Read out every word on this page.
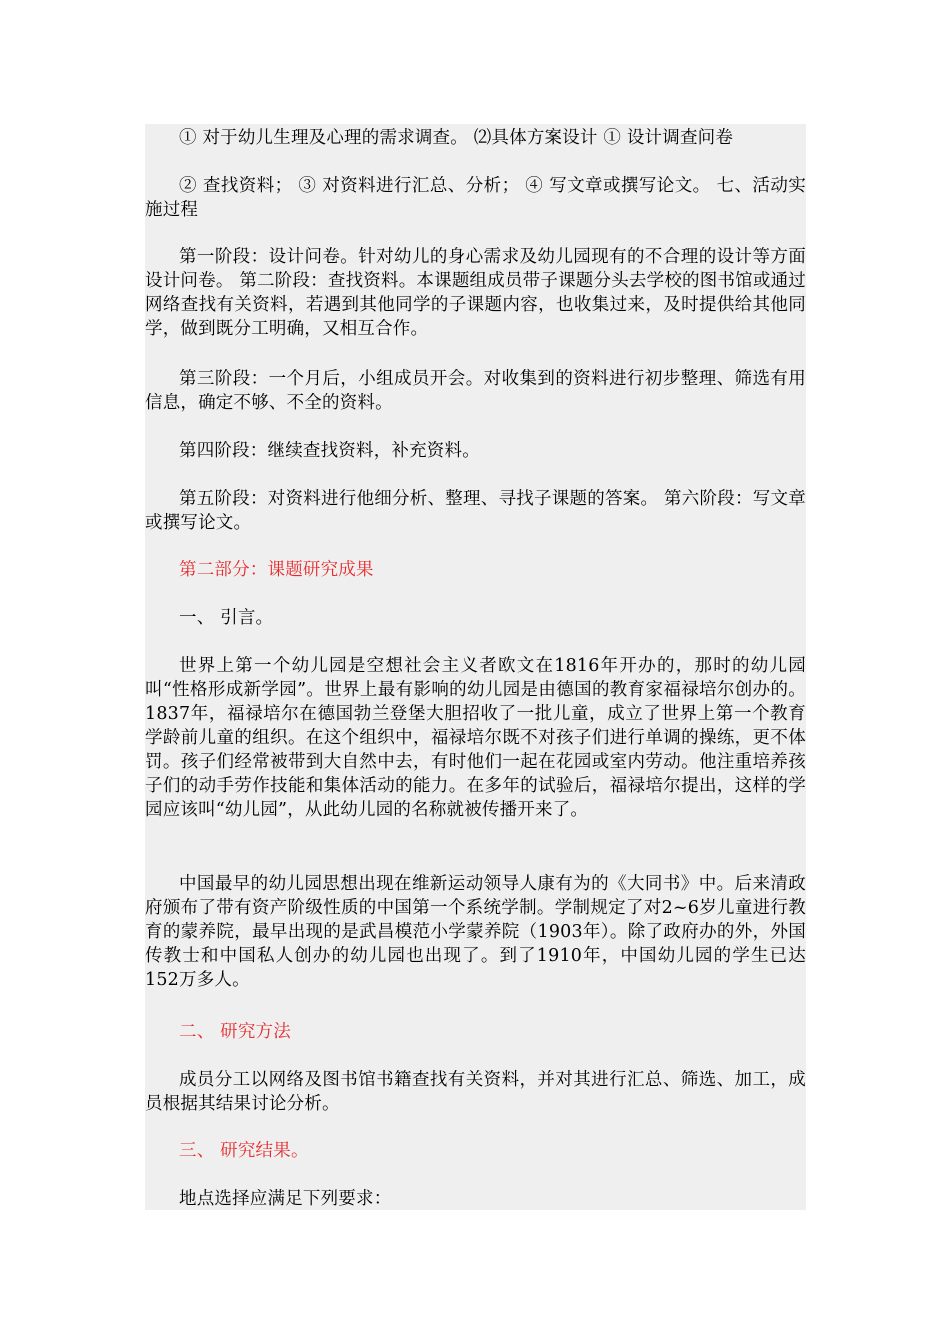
① 对于幼儿生理及心理的需求调查。 ⑵具体方案设计 ① 设计调查问卷

② 查找资料； ③ 对资料进行汇总、分析； ④ 写文章或撰写论文。 七、活动实施过程

第一阶段：设计问卷。针对幼儿的身心需求及幼儿园现有的不合理的设计等方面设计问卷。 第二阶段：查找资料。本课题组成员带子课题分头去学校的图书馆或通过网络查找有关资料，若遇到其他同学的子课题内容，也收集过来，及时提供给其他同学，做到既分工明确，又相互合作。

第三阶段：一个月后，小组成员开会。对收集到的资料进行初步整理、筛选有用信息，确定不够、不全的资料。

第四阶段：继续查找资料，补充资料。

第五阶段：对资料进行他细分析、整理、寻找子课题的答案。 第六阶段：写文章或撰写论文。

第二部分：课题研究成果

一、 引言。

世界上第一个幼儿园是空想社会主义者欧文在1816年开办的，那时的幼儿园叫“性格形成新学园”。世界上最有影响的幼儿园是由德国的教育家福禄培尔创办的。1837年，福禄培尔在德国勃兰登堡大胆招收了一批儿童，成立了世界上第一个教育学龄前儿童的组织。在这个组织中，福禄培尔既不对孩子们进行单调的操练，更不体罚。孩子们经常被带到大自然中去，有时他们一起在花园或室内劳动。他注重培养孩子们的动手劳作技能和集体活动的能力。在多年的试验后，福禄培尔提出，这样的学园应该叫“幼儿园”，从此幼儿园的名称就被传播开来了。

中国最早的幼儿园思想出现在维新运动领导人康有为的《大同书》中。后来清政府颁布了带有资产阶级性质的中国第一个系统学制。学制规定了对2~6岁儿童进行教育的蒙养院，最早出现的是武昌模范小学蒙养院（1903年）。除了政府办的外，外国传教士和中国私人创办的幼儿园也出现了。到了1910年，中国幼儿园的学生已达152万多人。

二、 研究方法

成员分工以网络及图书馆书籍查找有关资料，并对其进行汇总、筛选、加工，成员根据其结果讨论分析。

三、 研究结果。

地点选择应满足下列要求：
